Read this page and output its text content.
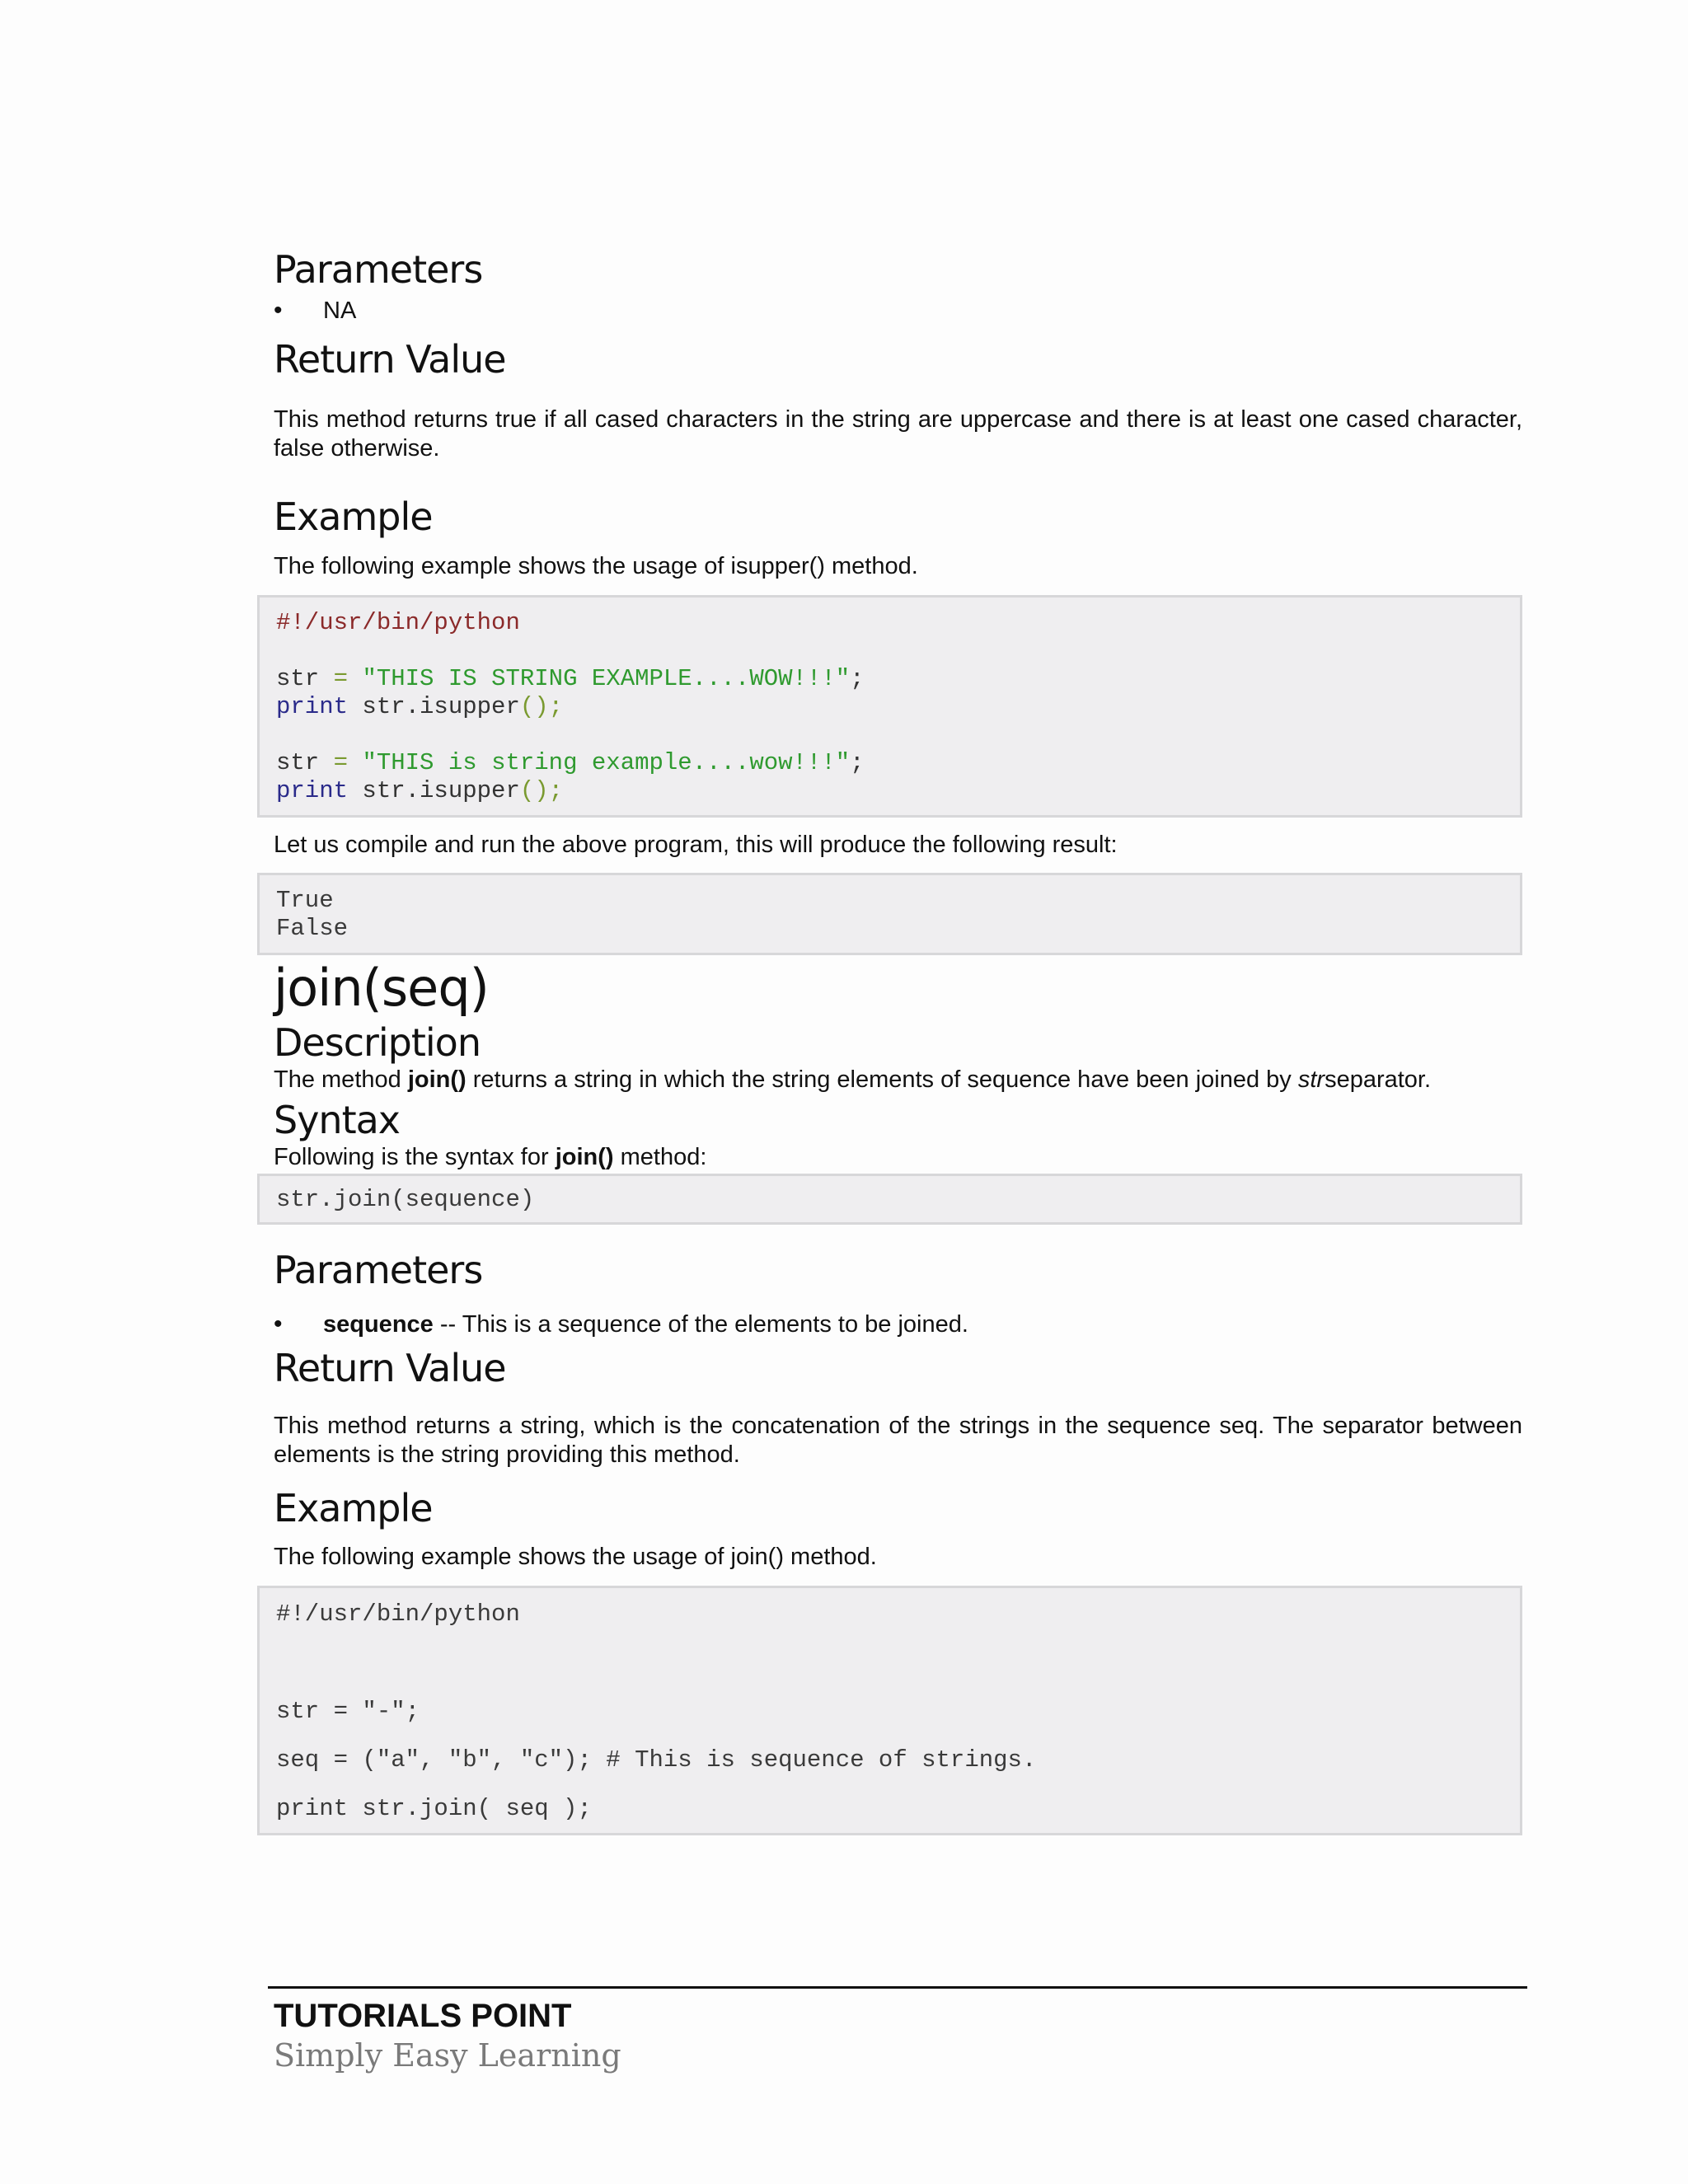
Parameters
• NA
Return Value

This method returns true if all cased characters in the string are uppercase and there is at least one cased character, false otherwise.

Example

The following example shows the usage of isupper() method.

#!/usr/bin/python
str = "THIS IS STRING EXAMPLE....WOW!!!";
print str.isupper();
str = "THIS is string example....wow!!!";
print str.isupper();

Let us compile and run the above program, this will produce the following result:

True
False
join(seq)
Description

The method join() returns a string in which the string elements of sequence have been joined by strseparator.

Syntax

Following is the syntax for join() method:

str.join(sequence)
Parameters
• sequence -- This is a sequence of the elements to be joined.
Return Value

This method returns a string, which is the concatenation of the strings in the sequence seq. The separator between elements is the string providing this method.

Example

The following example shows the usage of join() method.

#!/usr/bin/python
str = "-";
seq = ("a", "b", "c"); # This is sequence of strings.
print str.join( seq );
TUTORIALS POINT
Simply Easy Learning
